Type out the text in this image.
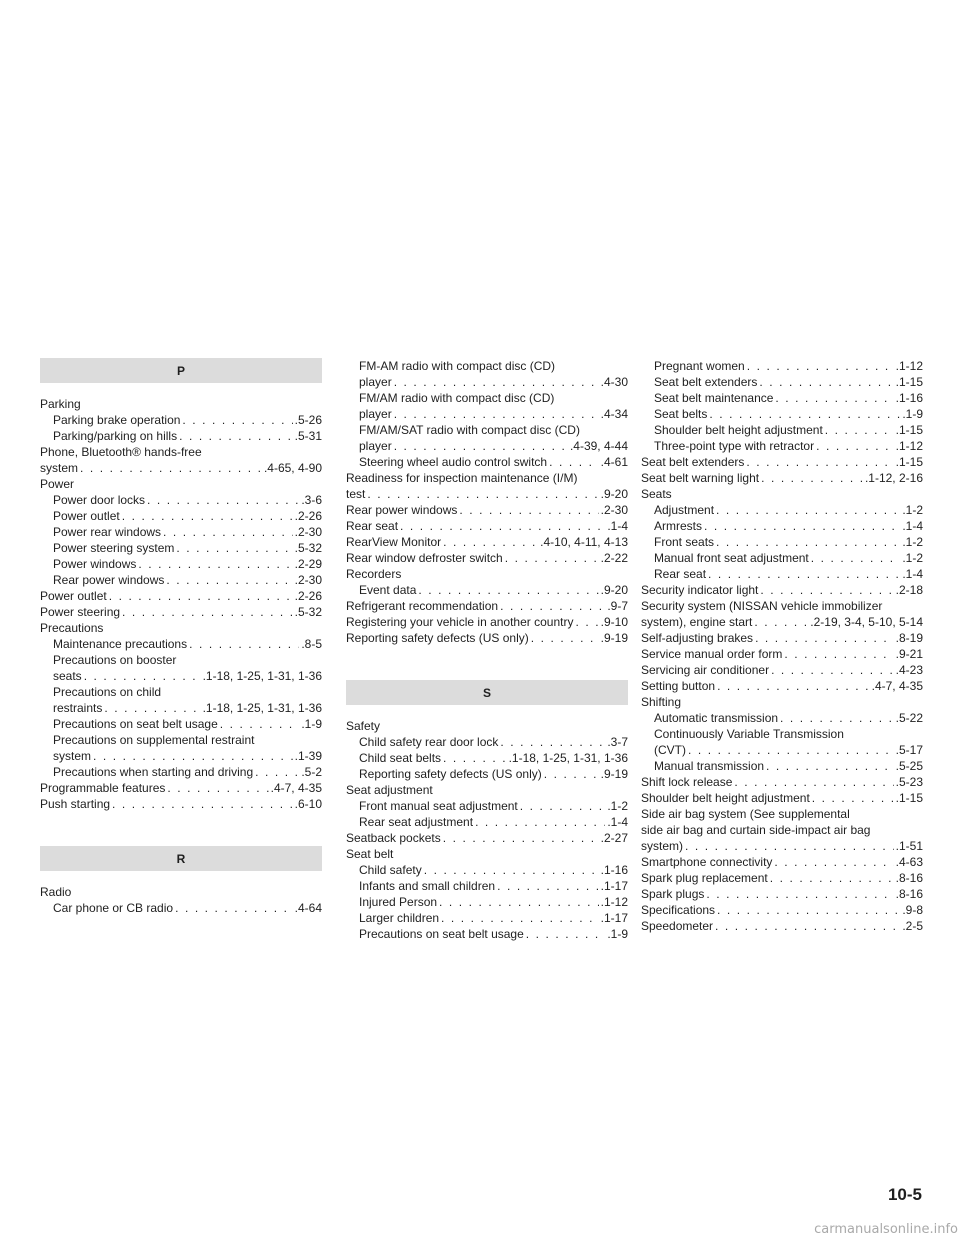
P
Parking
Parking brake operation . . .	.5-26
Parking/parking on hills . . .	.5-31
Phone, Bluetooth® hands-free
system . . .	.4-65, 4-90
Power
Power door locks . . .	.3-6
Power outlet . . .	.2-26
Power rear windows . . .	.2-30
Power steering system . . .	.5-32
Power windows . . .	.2-29
Rear power windows . . .	.2-30
Power outlet . . .	.2-26
Power steering . . .	.5-32
Precautions
Maintenance precautions . . .	.8-5
Precautions on booster
seats . . .	.1-18, 1-25, 1-31, 1-36
Precautions on child
restraints . . .	.1-18, 1-25, 1-31, 1-36
Precautions on seat belt usage . . .	.1-9
Precautions on supplemental restraint
system . . .	.1-39
Precautions when starting and driving . . .	.5-2
Programmable features . . .	.4-7, 4-35
Push starting . . .	.6-10
R
Radio
Car phone or CB radio . . .	.4-64
FM-AM radio with compact disc (CD)
player . . .	.4-30
FM/AM radio with compact disc (CD)
player . . .	.4-34
FM/AM/SAT radio with compact disc (CD)
player . . .	.4-39, 4-44
Steering wheel audio control switch . . .	.4-61
Readiness for inspection maintenance (I/M)
test . . .	.9-20
Rear power windows . . .	.2-30
Rear seat . . .	.1-4
RearView Monitor . . .	.4-10, 4-11, 4-13
Rear window defroster switch . . .	.2-22
Recorders
Event data . . .	.9-20
Refrigerant recommendation . . .	.9-7
Registering your vehicle in another country . . . .9-10
Reporting safety defects (US only) . . .	.9-19
S
Safety
Child safety rear door lock . . .	.3-7
Child seat belts . . .	.1-18, 1-25, 1-31, 1-36
Reporting safety defects (US only) . . .	.9-19
Seat adjustment
Front manual seat adjustment . . .	.1-2
Rear seat adjustment . . .	.1-4
Seatback pockets . . .	.2-27
Seat belt
Child safety . . .	.1-16
Infants and small children . . .	.1-17
Injured Person . . .	.1-12
Larger children . . .	.1-17
Precautions on seat belt usage . . .	.1-9
Pregnant women . . .	.1-12
Seat belt extenders . . .	.1-15
Seat belt maintenance . . .	.1-16
Seat belts . . .	.1-9
Shoulder belt height adjustment . . .	.1-15
Three-point type with retractor . . .	.1-12
Seat belt extenders . . .	.1-15
Seat belt warning light . . .	.1-12, 2-16
Seats
Adjustment . . .	.1-2
Armrests . . .	.1-4
Front seats . . .	.1-2
Manual front seat adjustment . . .	.1-2
Rear seat . . .	.1-4
Security indicator light . . .	.2-18
Security system (NISSAN vehicle immobilizer
system), engine start . . .	.2-19, 3-4, 5-10, 5-14
Self-adjusting brakes . . .	.8-19
Service manual order form . . .	.9-21
Servicing air conditioner . . .	.4-23
Setting button . . .	.4-7, 4-35
Shifting
Automatic transmission . . .	.5-22
Continuously Variable Transmission
(CVT) . . .	.5-17
Manual transmission . . .	.5-25
Shift lock release . . .	.5-23
Shoulder belt height adjustment . . .	.1-15
Side air bag system (See supplemental
side air bag and curtain side-impact air bag
system) . . .	.1-51
Smartphone connectivity . . .	.4-63
Spark plug replacement . . .	.8-16
Spark plugs . . .	.8-16
Specifications . . .	.9-8
Speedometer . . .	.2-5
10-5
carmanualsonline.info
